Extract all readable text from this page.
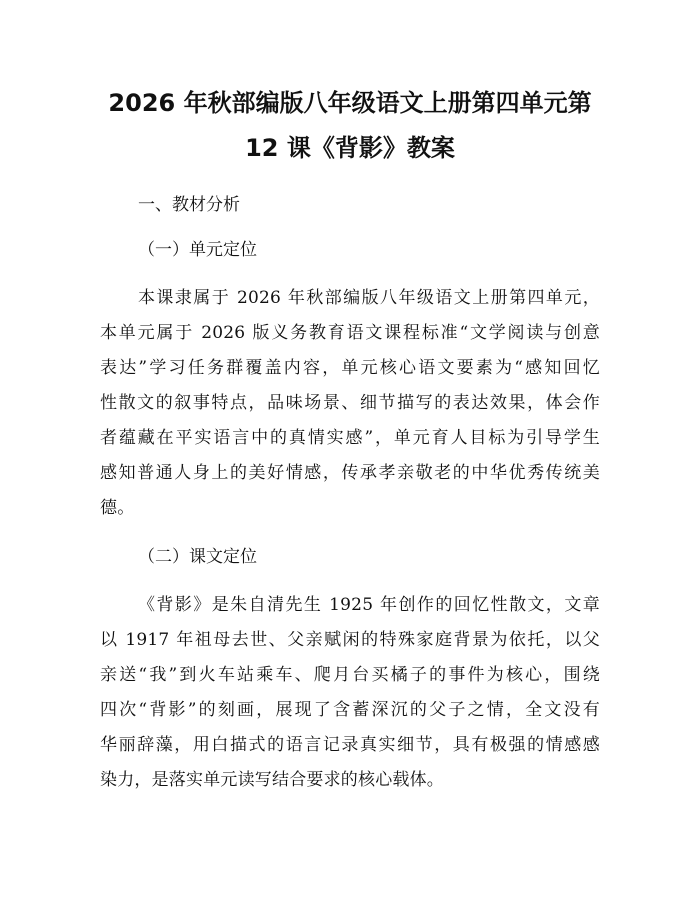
2026 年秋部编版八年级语文上册第四单元第
12 课《背影》教案
一、教材分析
（一）单元定位
本课隶属于 2026 年秋部编版八年级语文上册第四单元，
本单元属于 2026 版义务教育语文课程标准“文学阅读与创意
表达”学习任务群覆盖内容，单元核心语文要素为“感知回忆
性散文的叙事特点，品味场景、细节描写的表达效果，体会作
者蕴藏在平实语言中的真情实感”，单元育人目标为引导学生
感知普通人身上的美好情感，传承孝亲敬老的中华优秀传统美
德。
（二）课文定位
《背影》是朱自清先生 1925 年创作的回忆性散文，文章
以 1917 年祖母去世、父亲赋闲的特殊家庭背景为依托，以父
亲送“我”到火车站乘车、爬月台买橘子的事件为核心，围绕
四次“背影”的刻画，展现了含蓄深沉的父子之情，全文没有
华丽辞藻，用白描式的语言记录真实细节，具有极强的情感感
染力，是落实单元读写结合要求的核心载体。
